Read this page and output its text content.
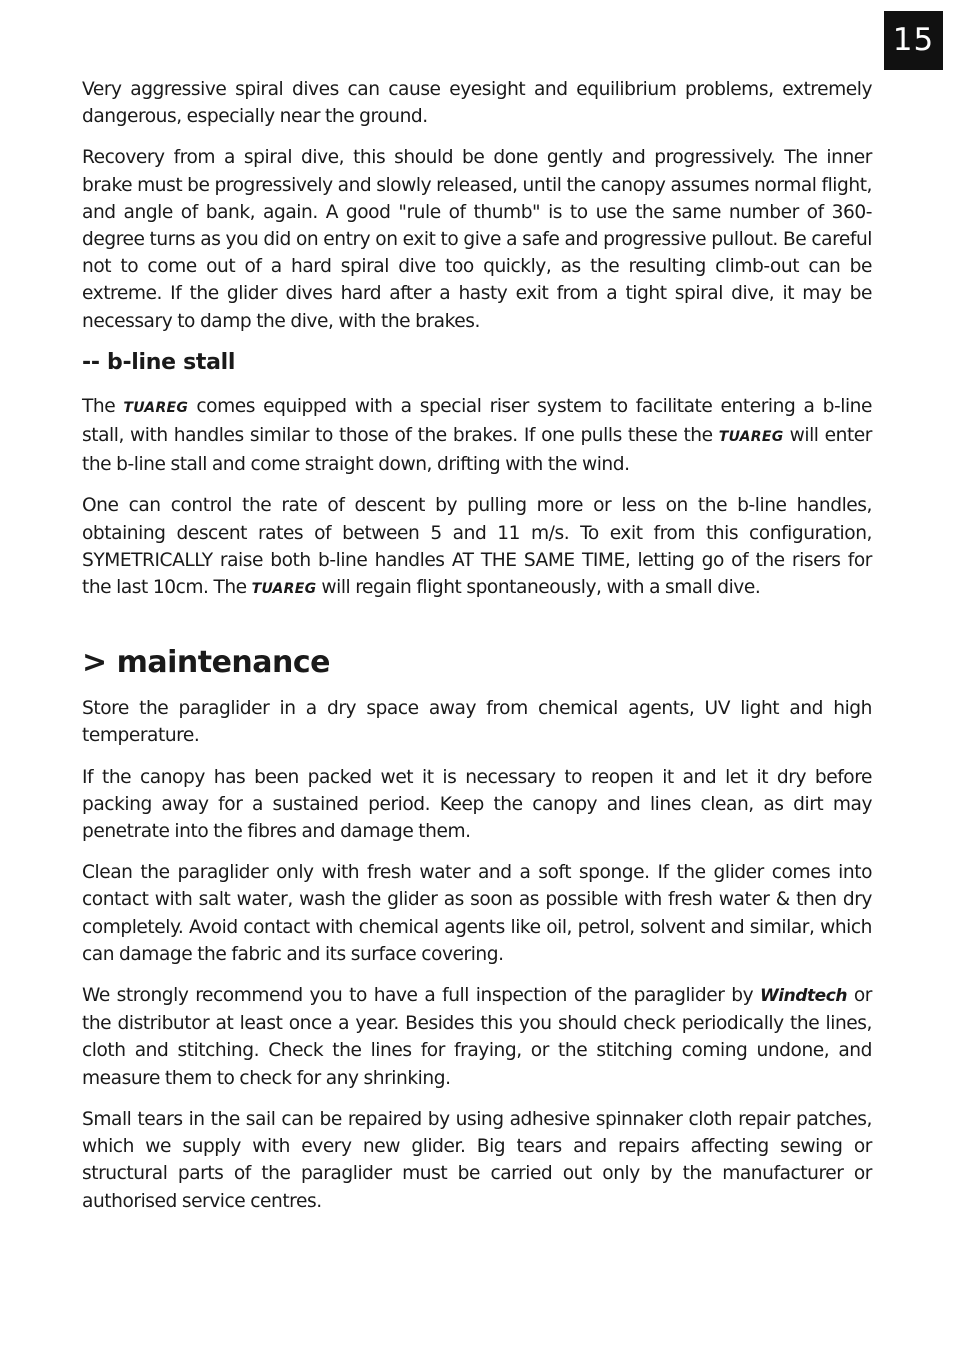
15

Very aggressive spiral dives can cause eyesight and equilibrium problems, extremely dangerous, especially near the ground.

Recovery from a spiral dive, this should be done gently and progressively. The inner brake must be progressively and slowly released, until the canopy assumes normal flight, and angle of bank, again. A good "rule of thumb" is to use the same number of 360-degree turns as you did on entry on exit to give a safe and progressive pullout. Be careful not to come out of a hard spiral dive too quickly, as the resulting climb-out can be extreme. If the glider dives hard after a hasty exit from a tight spiral dive, it may be necessary to damp the dive, with the brakes.

-- b-line stall

The TUAREG comes equipped with a special riser system to facilitate entering a b-line stall, with handles similar to those of the brakes. If one pulls these the TUAREG will enter the b-line stall and come straight down, drifting with the wind.

One can control the rate of descent by pulling more or less on the b-line handles, obtaining descent rates of between 5 and 11 m/s. To exit from this configuration, SYMETRICALLY raise both b-line handles AT THE SAME TIME, letting go of the risers for the last 10cm. The TUAREG will regain flight spontaneously, with a small dive.

> maintenance

Store the paraglider in a dry space away from chemical agents, UV light and high temperature.

If the canopy has been packed wet it is necessary to reopen it and let it dry before packing away for a sustained period. Keep the canopy and lines clean, as dirt may penetrate into the fibres and damage them.

Clean the paraglider only with fresh water and a soft sponge. If the glider comes into contact with salt water, wash the glider as soon as possible with fresh water & then dry completely. Avoid contact with chemical agents like oil, petrol, solvent and similar, which can damage the fabric and its surface covering.

We strongly recommend you to have a full inspection of the paraglider by Windtech or the distributor at least once a year. Besides this you should check periodically the lines, cloth and stitching. Check the lines for fraying, or the stitching coming undone, and measure them to check for any shrinking.

Small tears in the sail can be repaired by using adhesive spinnaker cloth repair patches, which we supply with every new glider. Big tears and repairs affecting sewing or structural parts of the paraglider must be carried out only by the manufacturer or authorised service centres.
